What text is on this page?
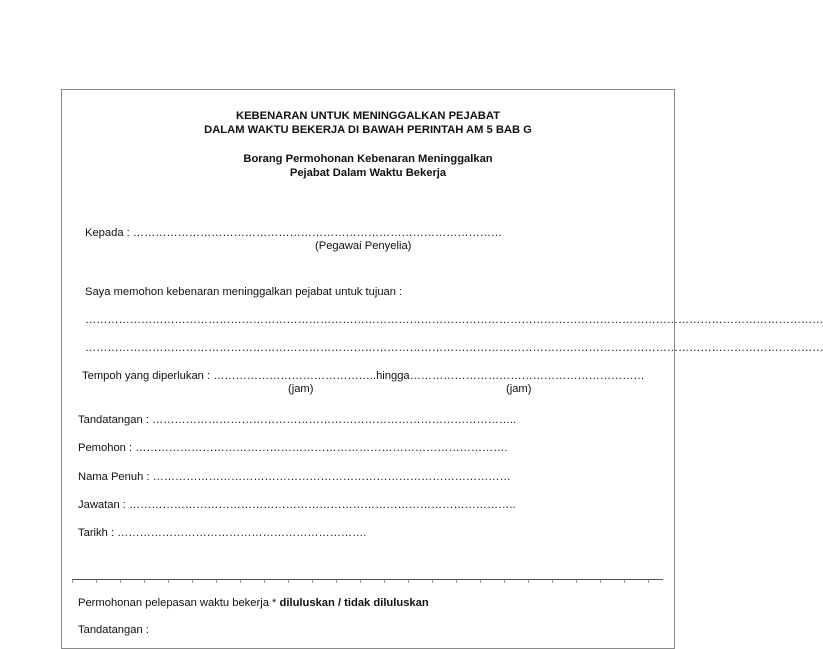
KEBENARAN UNTUK MENINGGALKAN PEJABAT
DALAM WAKTU BEKERJA DI BAWAH PERINTAH AM 5 BAB G
Borang Permohonan Kebenaran Meninggalkan
Pejabat Dalam Waktu Bekerja
Kepada : ………………………………………………………………………………………
(Pegawai Penyelia)
Saya memohon kebenaran meninggalkan pejabat untuk tujuan :
………………………………………………………………………………………………………………………………………………………………………………
………………………………………………………………………………………………………………………………………………………………………………
Tempoh yang diperlukan : ……………………………………..hingga………………………………………………………
(jam)	(jam)
Tandatangan : ……………………………………………………………………………………..
Pemohon : ……………………………………………………………………………………….
Nama Penuh : ……………………………………………………………………………………
Jawatan : …………………………………………………………………………………………..
Tarikh : ………………………………………………………….
Permohonan pelepasan waktu bekerja * diluluskan / tidak diluluskan
Tandatangan :
